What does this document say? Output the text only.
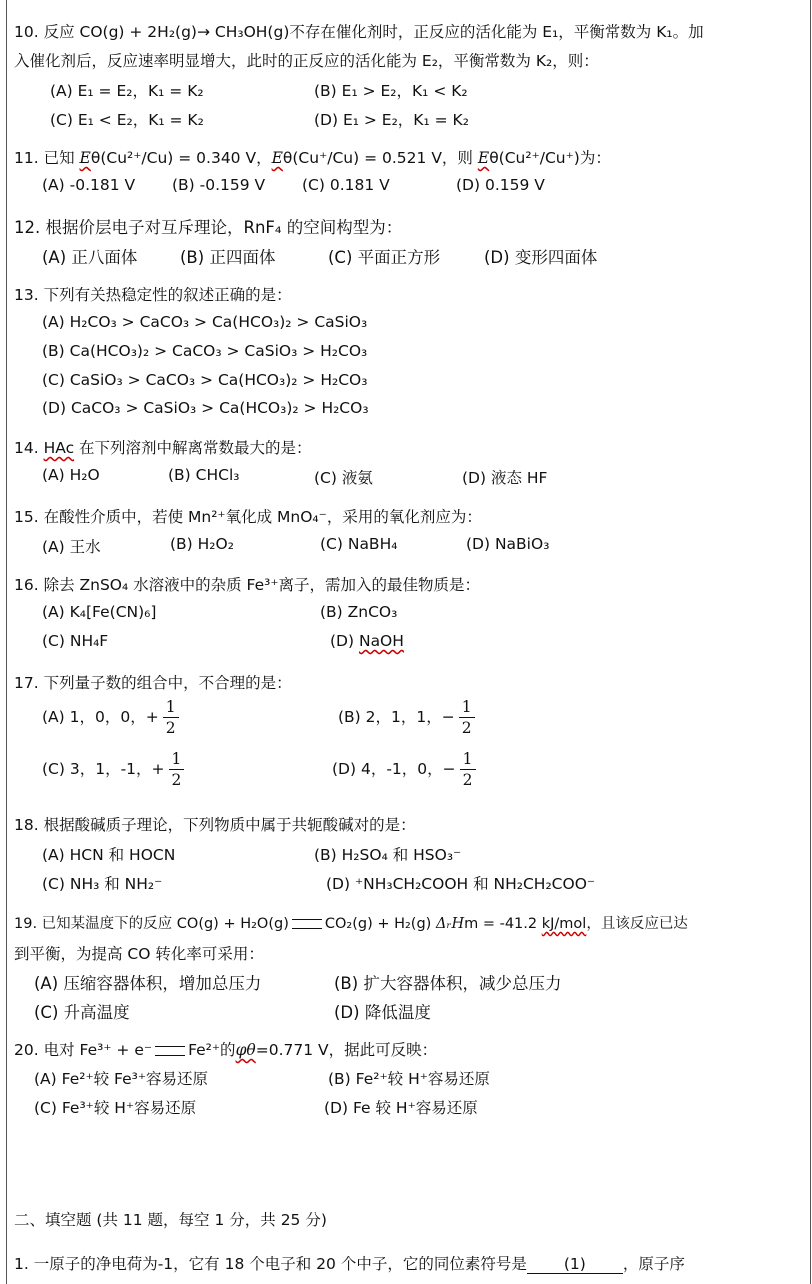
10. 反应 CO(g) + 2H₂(g)→ CH₃OH(g)不存在催化剂时，正反应的活化能为 E₁，平衡常数为 K₁。加
入催化剂后，反应速率明显增大，此时的正反应的活化能为 E₂，平衡常数为 K₂，则：
(A) E₁ = E₂，K₁ = K₂	(B) E₁ > E₂，K₁ < K₂
(C) E₁ < E₂，K₁ = K₂	(D) E₁ > E₂，K₁ = K₂
11. 已知 Eθ(Cu²⁺/Cu) = 0.340 V，Eθ(Cu⁺/Cu) = 0.521 V，则 Eθ(Cu²⁺/Cu⁺)为：
(A) -0.181 V (B) -0.159 V (C) 0.181 V	(D) 0.159 V
12. 根据价层电子对互斥理论，RnF₄ 的空间构型为：
(A) 正八面体	(B) 正四面体	(C) 平面正方形	(D) 变形四面体
13. 下列有关热稳定性的叙述正确的是：
(A) H₂CO₃ > CaCO₃ > Ca(HCO₃)₂ > CaSiO₃
(B) Ca(HCO₃)₂ > CaCO₃ > CaSiO₃ > H₂CO₃
(C) CaSiO₃ > CaCO₃ > Ca(HCO₃)₂ > H₂CO₃
(D) CaCO₃ > CaSiO₃ > Ca(HCO₃)₂ > H₂CO₃
14. HAc 在下列溶剂中解离常数最大的是：
(A) H₂O	(B) CHCl₃	(C) 液氨	(D) 液态 HF
15. 在酸性介质中，若使 Mn²⁺氧化成 MnO₄⁻，采用的氧化剂应为：
(A) 王水	(B) H₂O₂	(C) NaBH₄	(D) NaBiO₃
16. 除去 ZnSO₄ 水溶液中的杂质 Fe³⁺离子，需加入的最佳物质是：
(A) K₄[Fe(CN)₆]	(B) ZnCO₃
(C) NH₄F	(D) NaOH
17. 下列量子数的组合中，不合理的是：
(A) 1，0，0，+ $\frac{1}{2}$	(B) 2，1，1，− $\frac{1}{2}$
(C) 3，1，-1，+ $\frac{1}{2}$	(D) 4，-1，0，− $\frac{1}{2}$
18. 根据酸碱质子理论，下列物质中属于共轭酸碱对的是：
(A) HCN 和 HOCN	(B) H₂SO₄ 和 HSO₃⁻
(C) NH₃ 和 NH₂⁻	(D) ⁺NH₃CH₂COOH 和 NH₂CH₂COO⁻
19. 已知某温度下的反应 CO(g) + H₂O(g) CO₂(g) + H₂(g) ΔᵣHm = -41.2 kJ/mol，且该反应已达
到平衡，为提高 CO 转化率可采用：
(A) 压缩容器体积，增加总压力	(B) 扩大容器体积，减少总压力
(C) 升高温度	(D) 降低温度
20. 电对 Fe³⁺ + e⁻ Fe²⁺的φθ=0.771 V，据此可反映：
(A) Fe²⁺较 Fe³⁺容易还原	(B) Fe²⁺较 H⁺容易还原
(C) Fe³⁺较 H⁺容易还原	(D) Fe 较 H⁺容易还原
二、填空题 (共 11 题，每空 1 分，共 25 分)
1. 一原子的净电荷为-1，它有 18 个电子和 20 个中子，它的同位素符号是 (1) ，原子序
